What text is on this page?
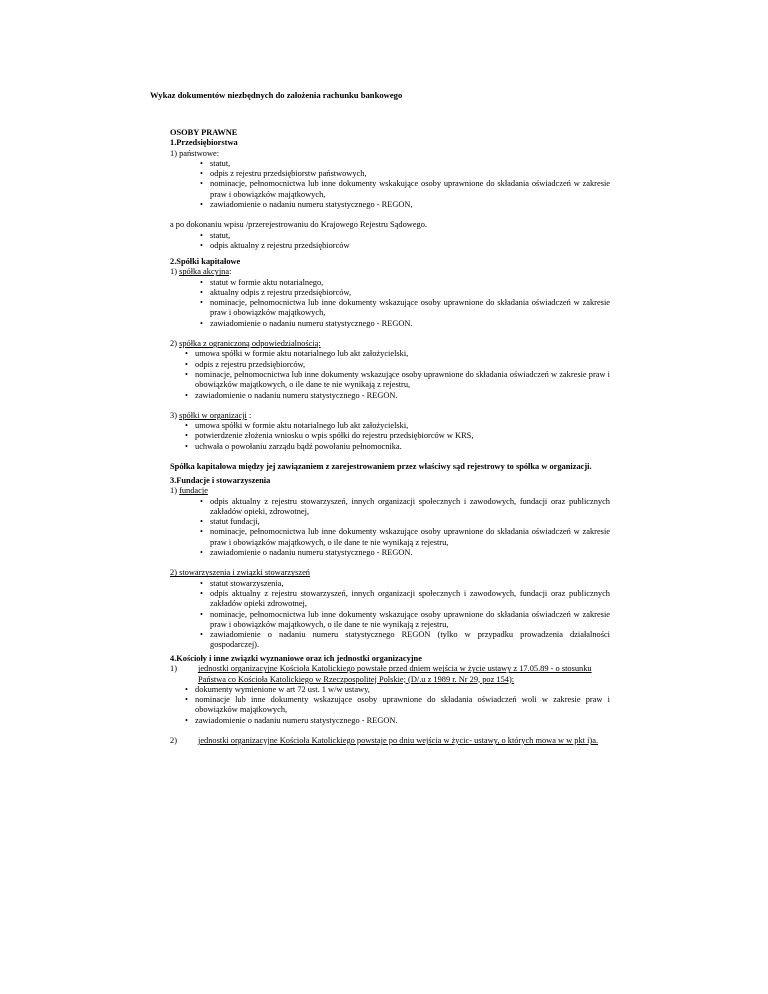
Wykaz dokumentów niezbędnych do założenia rachunku bankowego
OSOBY PRAWNE
1.Przedsiębiorstwa
1) państwowe:
• statut,
• odpis z rejestru przedsiębiorstw państwowych,
• nominacje, pełnomocnictwa lub inne dokumenty wskakujące osoby uprawnione do składania oświadczeń w zakresie praw i obowiązków majątkowych,
• zawiadomienie o nadaniu numeru statystycznego - REGON,
a po dokonaniu wpisu /przerejestrowaniu do Krajowego Rejestru Sądowego.
• statut,
• odpis aktualny z rejestru przedsiębiorców
2.Spółki kapitałowe
1) spółka akcyjna:
• statut w formie aktu notarialnego,
• aktualny odpis z rejestru przedsiębiorców,
• nominacje, pełnomocnictwa lub inne dokumenty wskazujące osoby uprawnione do składania oświadczeń w zakresie praw i obowiązków majątkowych,
• zawiadomienie o nadaniu numeru statystycznego - REGON.
2) spółka z ograniczoną odpowiedzialnością:
• umowa spółki w formie aktu notarialnego lub akt założycielski,
• odpis z rejestru przedsiębiorców,
• nominacje, pełnomocnictwa lub inne dokumenty wskazujące osoby uprawnione do składania oświadczeń w zakresie praw i obowiązków majątkowych, o ile dane te nie wynikają z rejestru,
• zawiadomienie o nadaniu numeru statystycznego - REGON.
3) spółki w organizacji :
• umowa spółki w formie aktu notarialnego lub akt założycielski,
• potwierdzenie złożenia wniosku o wpis spółki do rejestru przedsiębiorców w KRS,
• uchwała o powołaniu zarządu bądź powołaniu pełnomocnika.
Spółka kapitałowa między jej zawiązaniem z zarejestrowaniem przez właściwy sąd rejestrowy to spółka w organizacji.
3.Fundacje i stowarzyszenia
1) fundacje
• odpis aktualny z rejestru stowarzyszeń, innych organizacji społecznych i zawodowych, fundacji oraz publicznych zakładów opieki, zdrowotnej,
• statut fundacji,
• nominacje, pełnomocnictwa lub inne dokumenty wskazujące osoby uprawnione do składania oświadczeń w zakresie praw i obowiązków majątkowych, o ile dane te nie wynikają z rejestru,
• zawiadomienie o nadaniu numeru statystycznego - REGON.
2) stowarzyszenia i związki stowarzyszeń
• statut stowarzyszenia,
• odpis aktualny z rejestru stowarzyszeń, innych organizacji społecznych i zawodowych, fundacji oraz publicznych zakładów opieki zdrowotnej,
• nominacje, pełnomocnictwa lub inne dokumenty wskazujące osoby uprawnione do składania oświadczeń w zakresie praw i obowiązków majątkowych, o ile dane te nie wynikają z rejestru,
• zawiadomienie o nadaniu numeru statystycznego REGON (tylko w przypadku prowadzenia działalności gospodarczej).
4.Kościoły i inne związki wyznaniowe oraz ich jednostki organizacyjne
1)	jednostki organizacyjne Kościoła Katolickiego powstałe przed dniem wejścia w życie ustawy z 17.05.89 - o stosunku Państwa co Kościoła Katolickiego w Rzeczpospolitej Polskie; (D/.u z 1989 r. Nr 29, poz 154):
• dokumenty wymienione w art 72 ust. 1 w/w ustawy,
• nominacje lub inne dokumenty wskazujące osoby uprawnione do składania oświadczeń woli w zakresie praw i obowiązków majątkowych,
• zawiadomienie o nadaniu numeru statystycznego - REGON.
2)	jednostki organizacyjne Kościoła Katolickiego powstaje po dniu wejścia w życic- ustawy, o których mowa w w pkt i)a.
